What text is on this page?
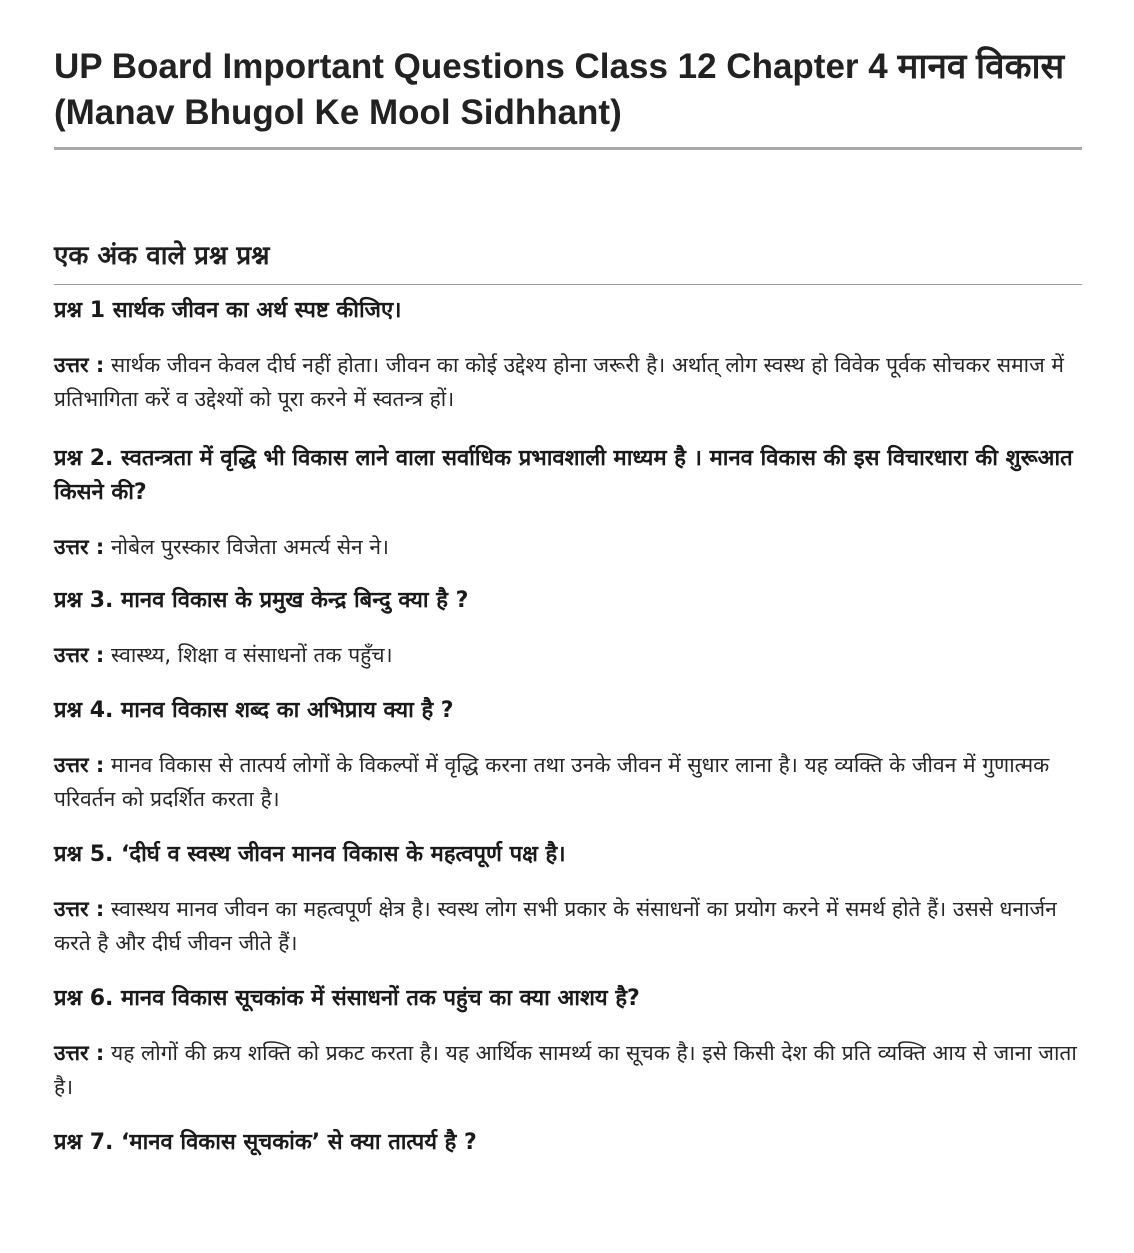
UP Board Important Questions Class 12 Chapter 4 मानव विकास (Manav Bhugol Ke Mool Sidhhant)
एक अंक वाले प्रश्न प्रश्न

प्रश्न 1 सार्थक जीवन का अर्थ स्पष्ट कीजिए।

उत्तर : सार्थक जीवन केवल दीर्घ नहीं होता। जीवन का कोई उद्देश्य होना जरूरी है। अर्थात् लोग स्वस्थ हो विवेक पूर्वक सोचकर समाज में प्रतिभागिता करें व उद्देश्यों को पूरा करने में स्वतन्त्र हों।

प्रश्न 2. स्वतन्त्रता में वृद्धि भी विकास लाने वाला सर्वाधिक प्रभावशाली माध्यम है । मानव विकास की इस विचारधारा की शुरूआत किसने की?

उत्तर : नोबेल पुरस्कार विजेता अमर्त्य सेन ने।

प्रश्न 3. मानव विकास के प्रमुख केन्द्र बिन्दु क्या है ?

उत्तर : स्वास्थ्य, शिक्षा व संसाधनों तक पहुँच।

प्रश्न 4. मानव विकास शब्द का अभिप्राय क्या है ?

उत्तर : मानव विकास से तात्पर्य लोगों के विकल्पों में वृद्धि करना तथा उनके जीवन में सुधार लाना है। यह व्यक्ति के जीवन में गुणात्मक परिवर्तन को प्रदर्शित करता है।

प्रश्न 5. ‘दीर्घ व स्वस्थ जीवन मानव विकास के महत्वपूर्ण पक्ष है।

उत्तर : स्वास्थय मानव जीवन का महत्वपूर्ण क्षेत्र है। स्वस्थ लोग सभी प्रकार के संसाधनों का प्रयोग करने में समर्थ होते हैं। उससे धनार्जन करते है और दीर्घ जीवन जीते हैं।

प्रश्न 6. मानव विकास सूचकांक में संसाधनों तक पहुंच का क्या आशय है?

उत्तर : यह लोगों की क्रय शक्ति को प्रकट करता है। यह आर्थिक सामर्थ्य का सूचक है। इसे किसी देश की प्रति व्यक्ति आय से जाना जाता है।

प्रश्न 7. ‘मानव विकास सूचकांक’ से क्या तात्पर्य है ?
